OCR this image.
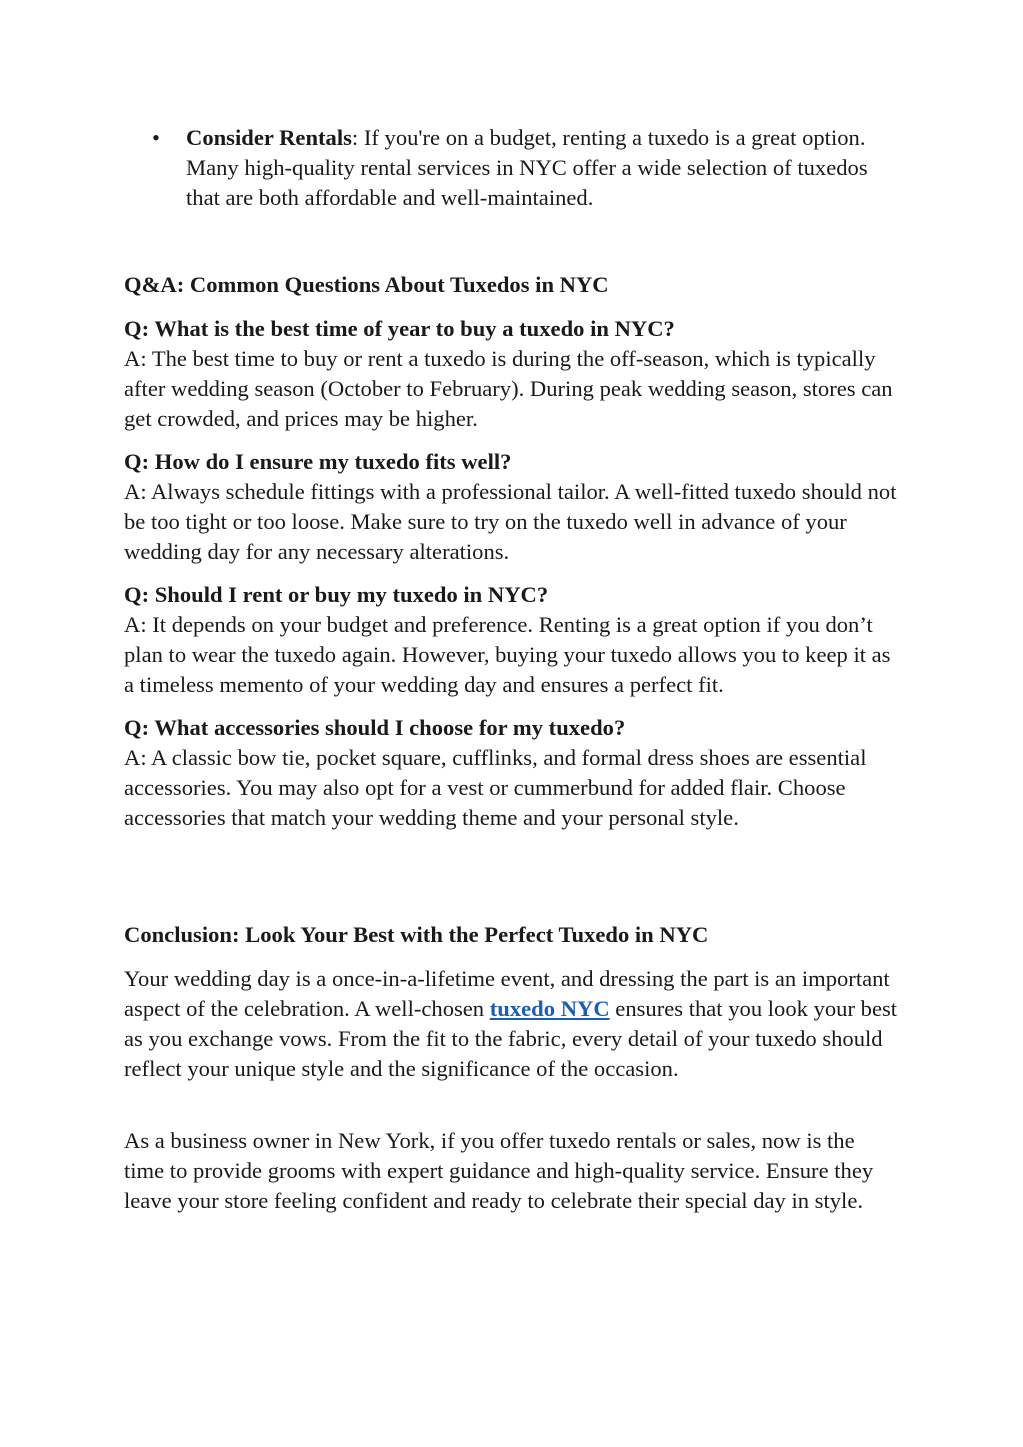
• Consider Rentals: If you're on a budget, renting a tuxedo is a great option. Many high-quality rental services in NYC offer a wide selection of tuxedos that are both affordable and well-maintained.

Q&A: Common Questions About Tuxedos in NYC

Q: What is the best time of year to buy a tuxedo in NYC?
A: The best time to buy or rent a tuxedo is during the off-season, which is typically after wedding season (October to February). During peak wedding season, stores can get crowded, and prices may be higher.

Q: How do I ensure my tuxedo fits well?
A: Always schedule fittings with a professional tailor. A well-fitted tuxedo should not be too tight or too loose. Make sure to try on the tuxedo well in advance of your wedding day for any necessary alterations.

Q: Should I rent or buy my tuxedo in NYC?
A: It depends on your budget and preference. Renting is a great option if you don’t plan to wear the tuxedo again. However, buying your tuxedo allows you to keep it as a timeless memento of your wedding day and ensures a perfect fit.

Q: What accessories should I choose for my tuxedo?
A: A classic bow tie, pocket square, cufflinks, and formal dress shoes are essential accessories. You may also opt for a vest or cummerbund for added flair. Choose accessories that match your wedding theme and your personal style.

Conclusion: Look Your Best with the Perfect Tuxedo in NYC

Your wedding day is a once-in-a-lifetime event, and dressing the part is an important aspect of the celebration. A well-chosen tuxedo NYC ensures that you look your best as you exchange vows. From the fit to the fabric, every detail of your tuxedo should reflect your unique style and the significance of the occasion.

As a business owner in New York, if you offer tuxedo rentals or sales, now is the time to provide grooms with expert guidance and high-quality service. Ensure they leave your store feeling confident and ready to celebrate their special day in style.
